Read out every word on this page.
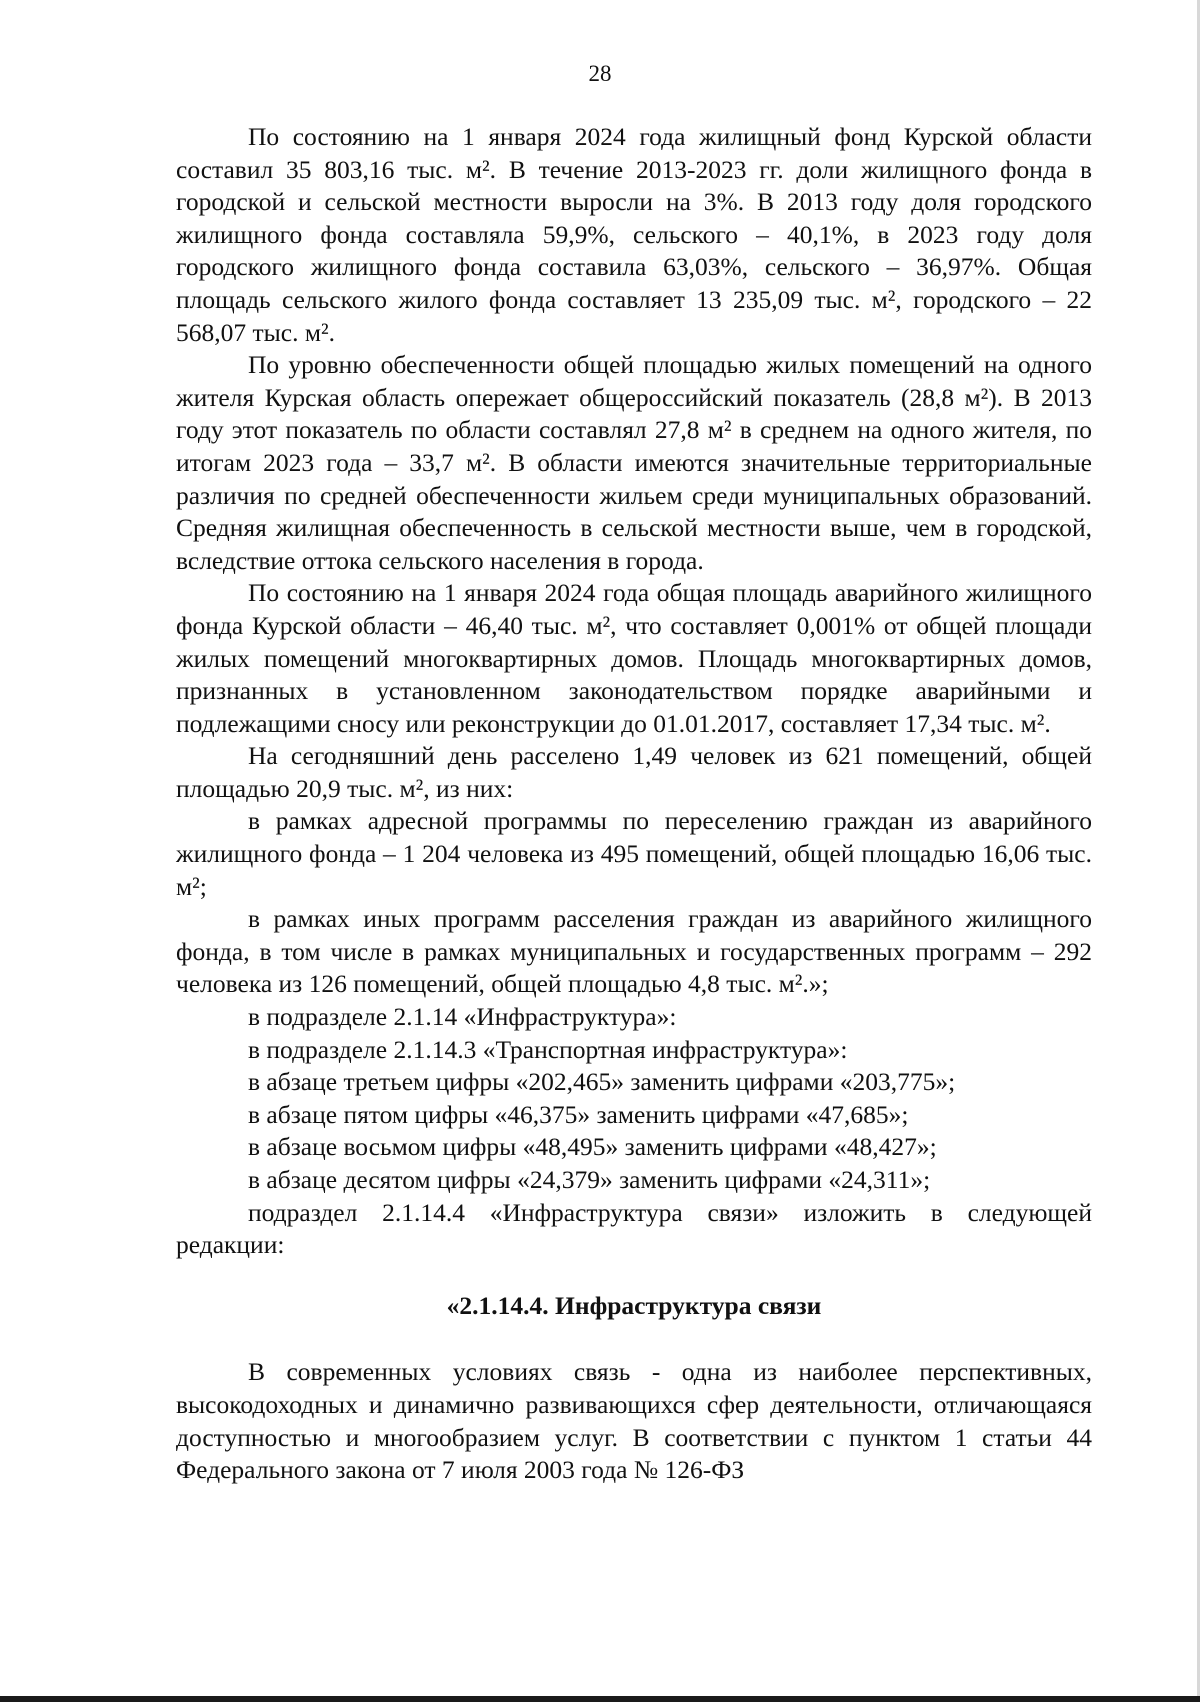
28

По состоянию на 1 января 2024 года жилищный фонд Курской области составил 35 803,16 тыс. м². В течение 2013-2023 гг. доли жилищного фонда в городской и сельской местности выросли на 3%. В 2013 году доля городского жилищного фонда составляла 59,9%, сельского – 40,1%, в 2023 году доля городского жилищного фонда составила 63,03%, сельского – 36,97%. Общая площадь сельского жилого фонда составляет 13 235,09 тыс. м², городского – 22 568,07 тыс. м².

По уровню обеспеченности общей площадью жилых помещений на одного жителя Курская область опережает общероссийский показатель (28,8 м²). В 2013 году этот показатель по области составлял 27,8 м² в среднем на одного жителя, по итогам 2023 года – 33,7 м². В области имеются значительные территориальные различия по средней обеспеченности жильем среди муниципальных образований. Средняя жилищная обеспеченность в сельской местности выше, чем в городской, вследствие оттока сельского населения в города.

По состоянию на 1 января 2024 года общая площадь аварийного жилищного фонда Курской области – 46,40 тыс. м², что составляет 0,001% от общей площади жилых помещений многоквартирных домов. Площадь многоквартирных домов, признанных в установленном законодательством порядке аварийными и подлежащими сносу или реконструкции до 01.01.2017, составляет 17,34 тыс. м².

На сегодняшний день расселено 1,49 человек из 621 помещений, общей площадью 20,9 тыс. м², из них:

в рамках адресной программы по переселению граждан из аварийного жилищного фонда – 1 204 человека из 495 помещений, общей площадью 16,06 тыс. м²;

в рамках иных программ расселения граждан из аварийного жилищного фонда, в том числе в рамках муниципальных и государственных программ – 292 человека из 126 помещений, общей площадью 4,8 тыс. м².»;

в подразделе 2.1.14 «Инфраструктура»:

в подразделе 2.1.14.3 «Транспортная инфраструктура»:

в абзаце третьем цифры «202,465» заменить цифрами «203,775»;

в абзаце пятом цифры «46,375» заменить цифрами «47,685»;

в абзаце восьмом цифры «48,495» заменить цифрами «48,427»;

в абзаце десятом цифры «24,379» заменить цифрами «24,311»;

подраздел 2.1.14.4 «Инфраструктура связи» изложить в следующей редакции:

«2.1.14.4. Инфраструктура связи

В современных условиях связь - одна из наиболее перспективных, высокодоходных и динамично развивающихся сфер деятельности, отличающаяся доступностью и многообразием услуг. В соответствии с пунктом 1 статьи 44 Федерального закона от 7 июля 2003 года № 126-ФЗ
